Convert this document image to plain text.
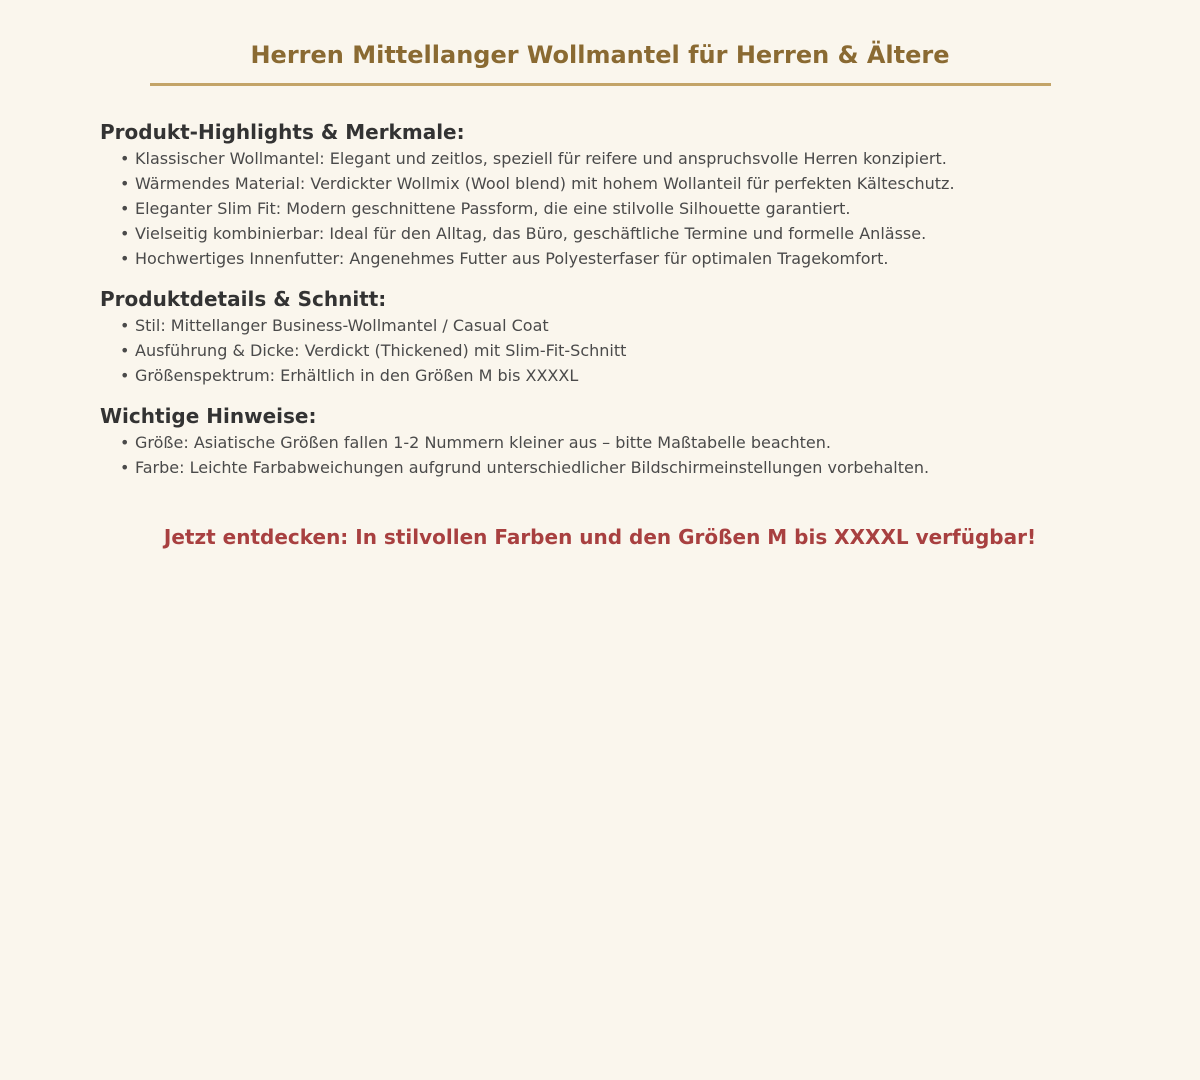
Herren Mittellanger Wollmantel für Herren & Ältere
Produkt-Highlights & Merkmale:
• Klassischer Wollmantel: Elegant und zeitlos, speziell für reifere und anspruchsvolle Herren konzipiert.
• Wärmendes Material: Verdickter Wollmix (Wool blend) mit hohem Wollanteil für perfekten Kälteschutz.
• Eleganter Slim Fit: Modern geschnittene Passform, die eine stilvolle Silhouette garantiert.
• Vielseitig kombinierbar: Ideal für den Alltag, das Büro, geschäftliche Termine und formelle Anlässe.
• Hochwertiges Innenfutter: Angenehmes Futter aus Polyesterfaser für optimalen Tragekomfort.
Produktdetails & Schnitt:
• Stil: Mittellanger Business-Wollmantel / Casual Coat
• Ausführung & Dicke: Verdickt (Thickened) mit Slim-Fit-Schnitt
• Größenspektrum: Erhältlich in den Größen M bis XXXXL
Wichtige Hinweise:
• Größe: Asiatische Größen fallen 1-2 Nummern kleiner aus – bitte Maßtabelle beachten.
• Farbe: Leichte Farbabweichungen aufgrund unterschiedlicher Bildschirmeinstellungen vorbehalten.

Jetzt entdecken: In stilvollen Farben und den Größen M bis XXXXL verfügbar!
